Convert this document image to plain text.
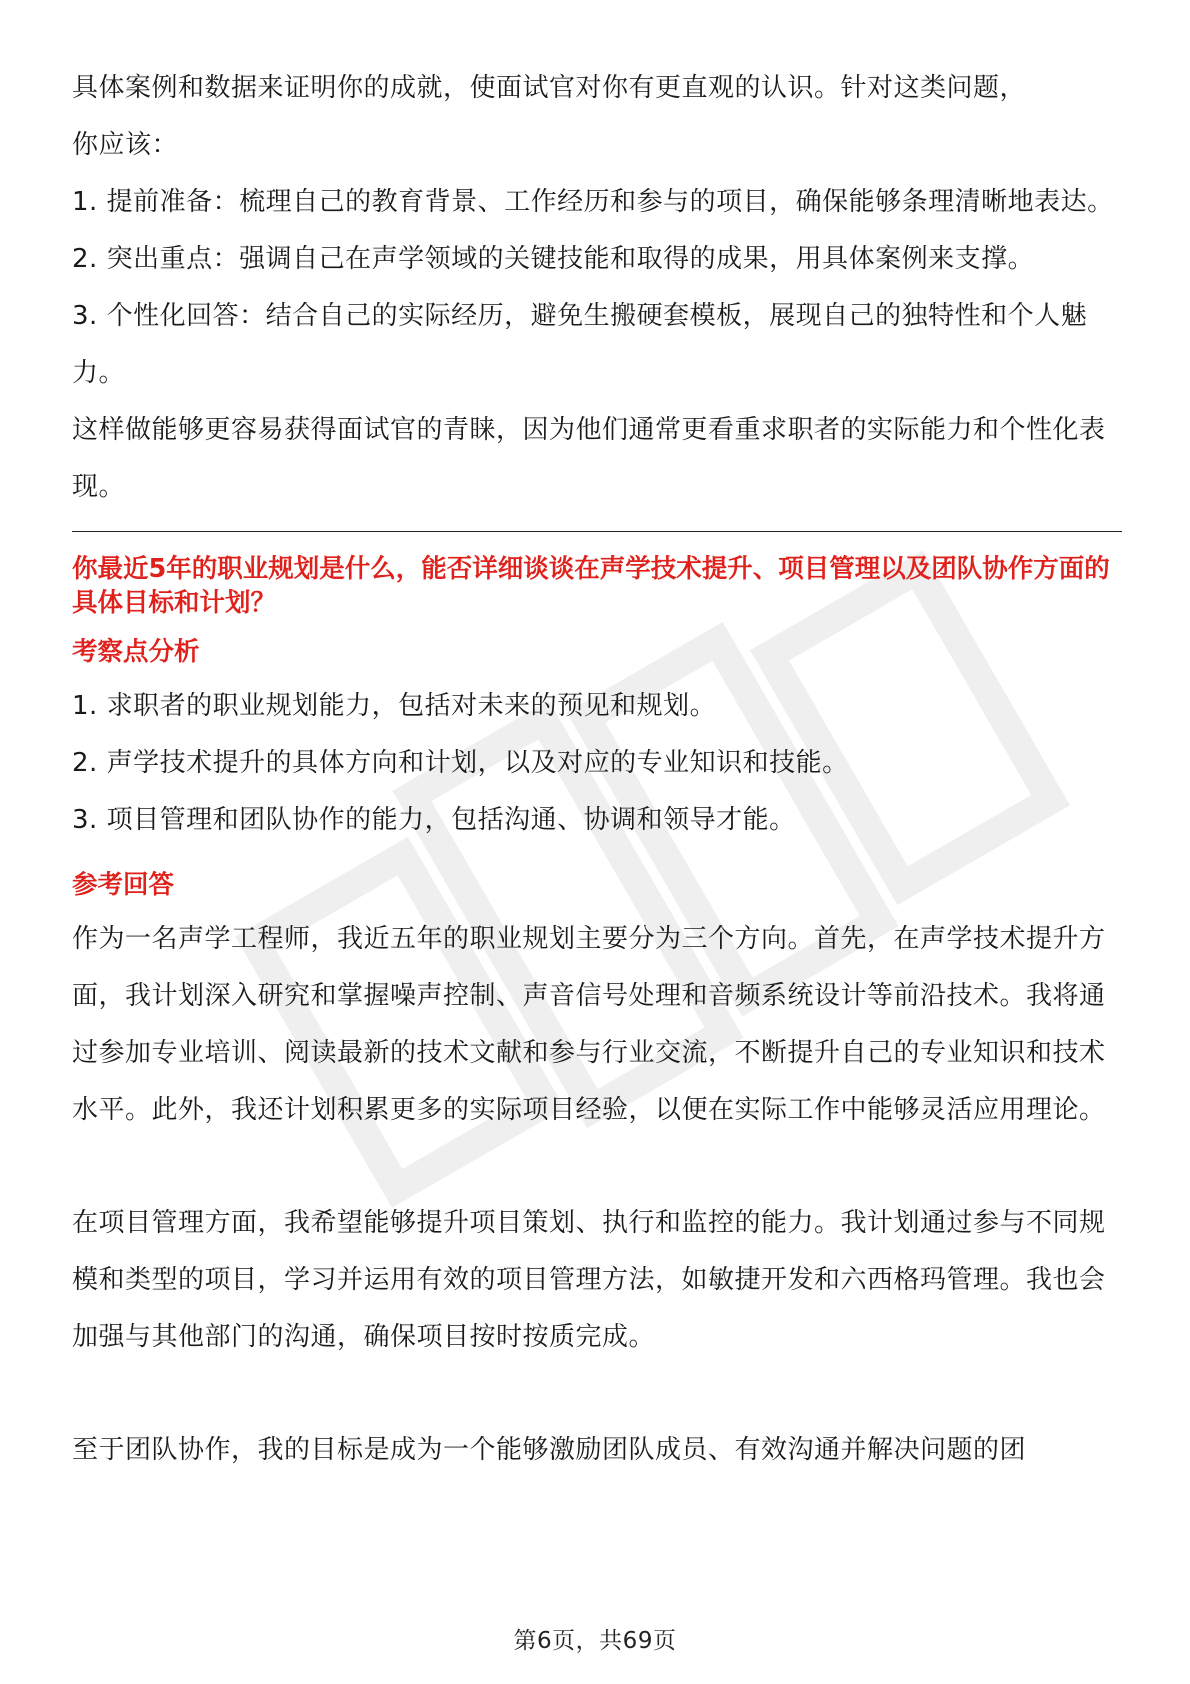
具体案例和数据来证明你的成就，使面试官对你有更直观的认识。针对这类问题，

你应该：

1. 提前准备：梳理自己的教育背景、工作经历和参与的项目，确保能够条理清晰地表达。

2. 突出重点：强调自己在声学领域的关键技能和取得的成果，用具体案例来支撑。

3. 个性化回答：结合自己的实际经历，避免生搬硬套模板，展现自己的独特性和个人魅力。

这样做能够更容易获得面试官的青睐，因为他们通常更看重求职者的实际能力和个性化表现。

你最近5年的职业规划是什么，能否详细谈谈在声学技术提升、项目管理以及团队协作方面的具体目标和计划？

考察点分析

1. 求职者的职业规划能力，包括对未来的预见和规划。

2. 声学技术提升的具体方向和计划，以及对应的专业知识和技能。

3. 项目管理和团队协作的能力，包括沟通、协调和领导才能。

参考回答

作为一名声学工程师，我近五年的职业规划主要分为三个方向。首先，在声学技术提升方面，我计划深入研究和掌握噪声控制、声音信号处理和音频系统设计等前沿技术。我将通过参加专业培训、阅读最新的技术文献和参与行业交流，不断提升自己的专业知识和技术水平。此外，我还计划积累更多的实际项目经验，以便在实际工作中能够灵活应用理论。

在项目管理方面，我希望能够提升项目策划、执行和监控的能力。我计划通过参与不同规模和类型的项目，学习并运用有效的项目管理方法，如敏捷开发和六西格玛管理。我也会加强与其他部门的沟通，确保项目按时按质完成。

至于团队协作，我的目标是成为一个能够激励团队成员、有效沟通并解决问题的团

第6页，共69页
